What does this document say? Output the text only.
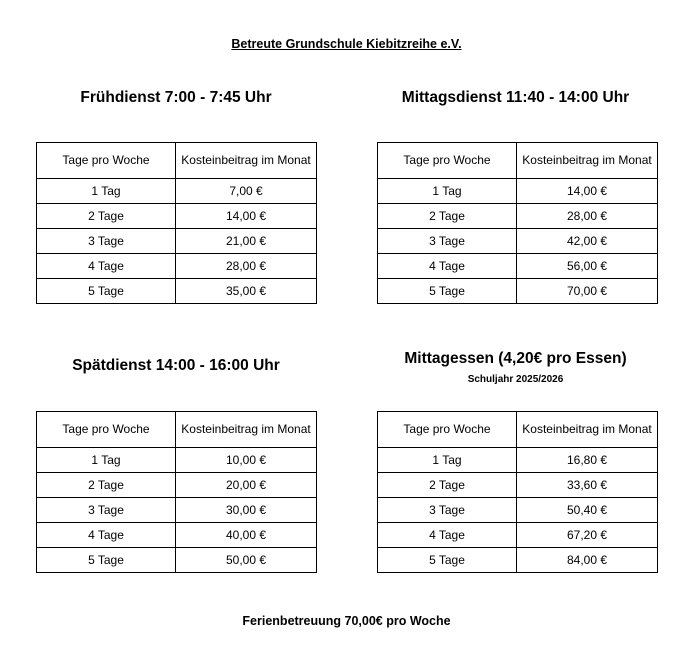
Betreute Grundschule Kiebitzreihe e.V.
Frühdienst 7:00 - 7:45 Uhr
Tage pro Woche	Kosteinbeitrag im Monat
1 Tag	7,00 €
2 Tage	14,00 €
3 Tage	21,00 €
4 Tage	28,00 €
5 Tage	35,00 €
Mittagsdienst 11:40 - 14:00 Uhr
Tage pro Woche	Kosteinbeitrag im Monat
1 Tag	14,00 €
2 Tage	28,00 €
3 Tage	42,00 €
4 Tage	56,00 €
5 Tage	70,00 €
Spätdienst 14:00 - 16:00 Uhr
Tage pro Woche	Kosteinbeitrag im Monat
1 Tag	10,00 €
2 Tage	20,00 €
3 Tage	30,00 €
4 Tage	40,00 €
5 Tage	50,00 €
Mittagessen (4,20€ pro Essen)
Schuljahr 2025/2026
Tage pro Woche	Kosteinbeitrag im Monat
1 Tag	16,80 €
2 Tage	33,60 €
3 Tage	50,40 €
4 Tage	67,20 €
5 Tage	84,00 €
Ferienbetreuung 70,00€ pro Woche
